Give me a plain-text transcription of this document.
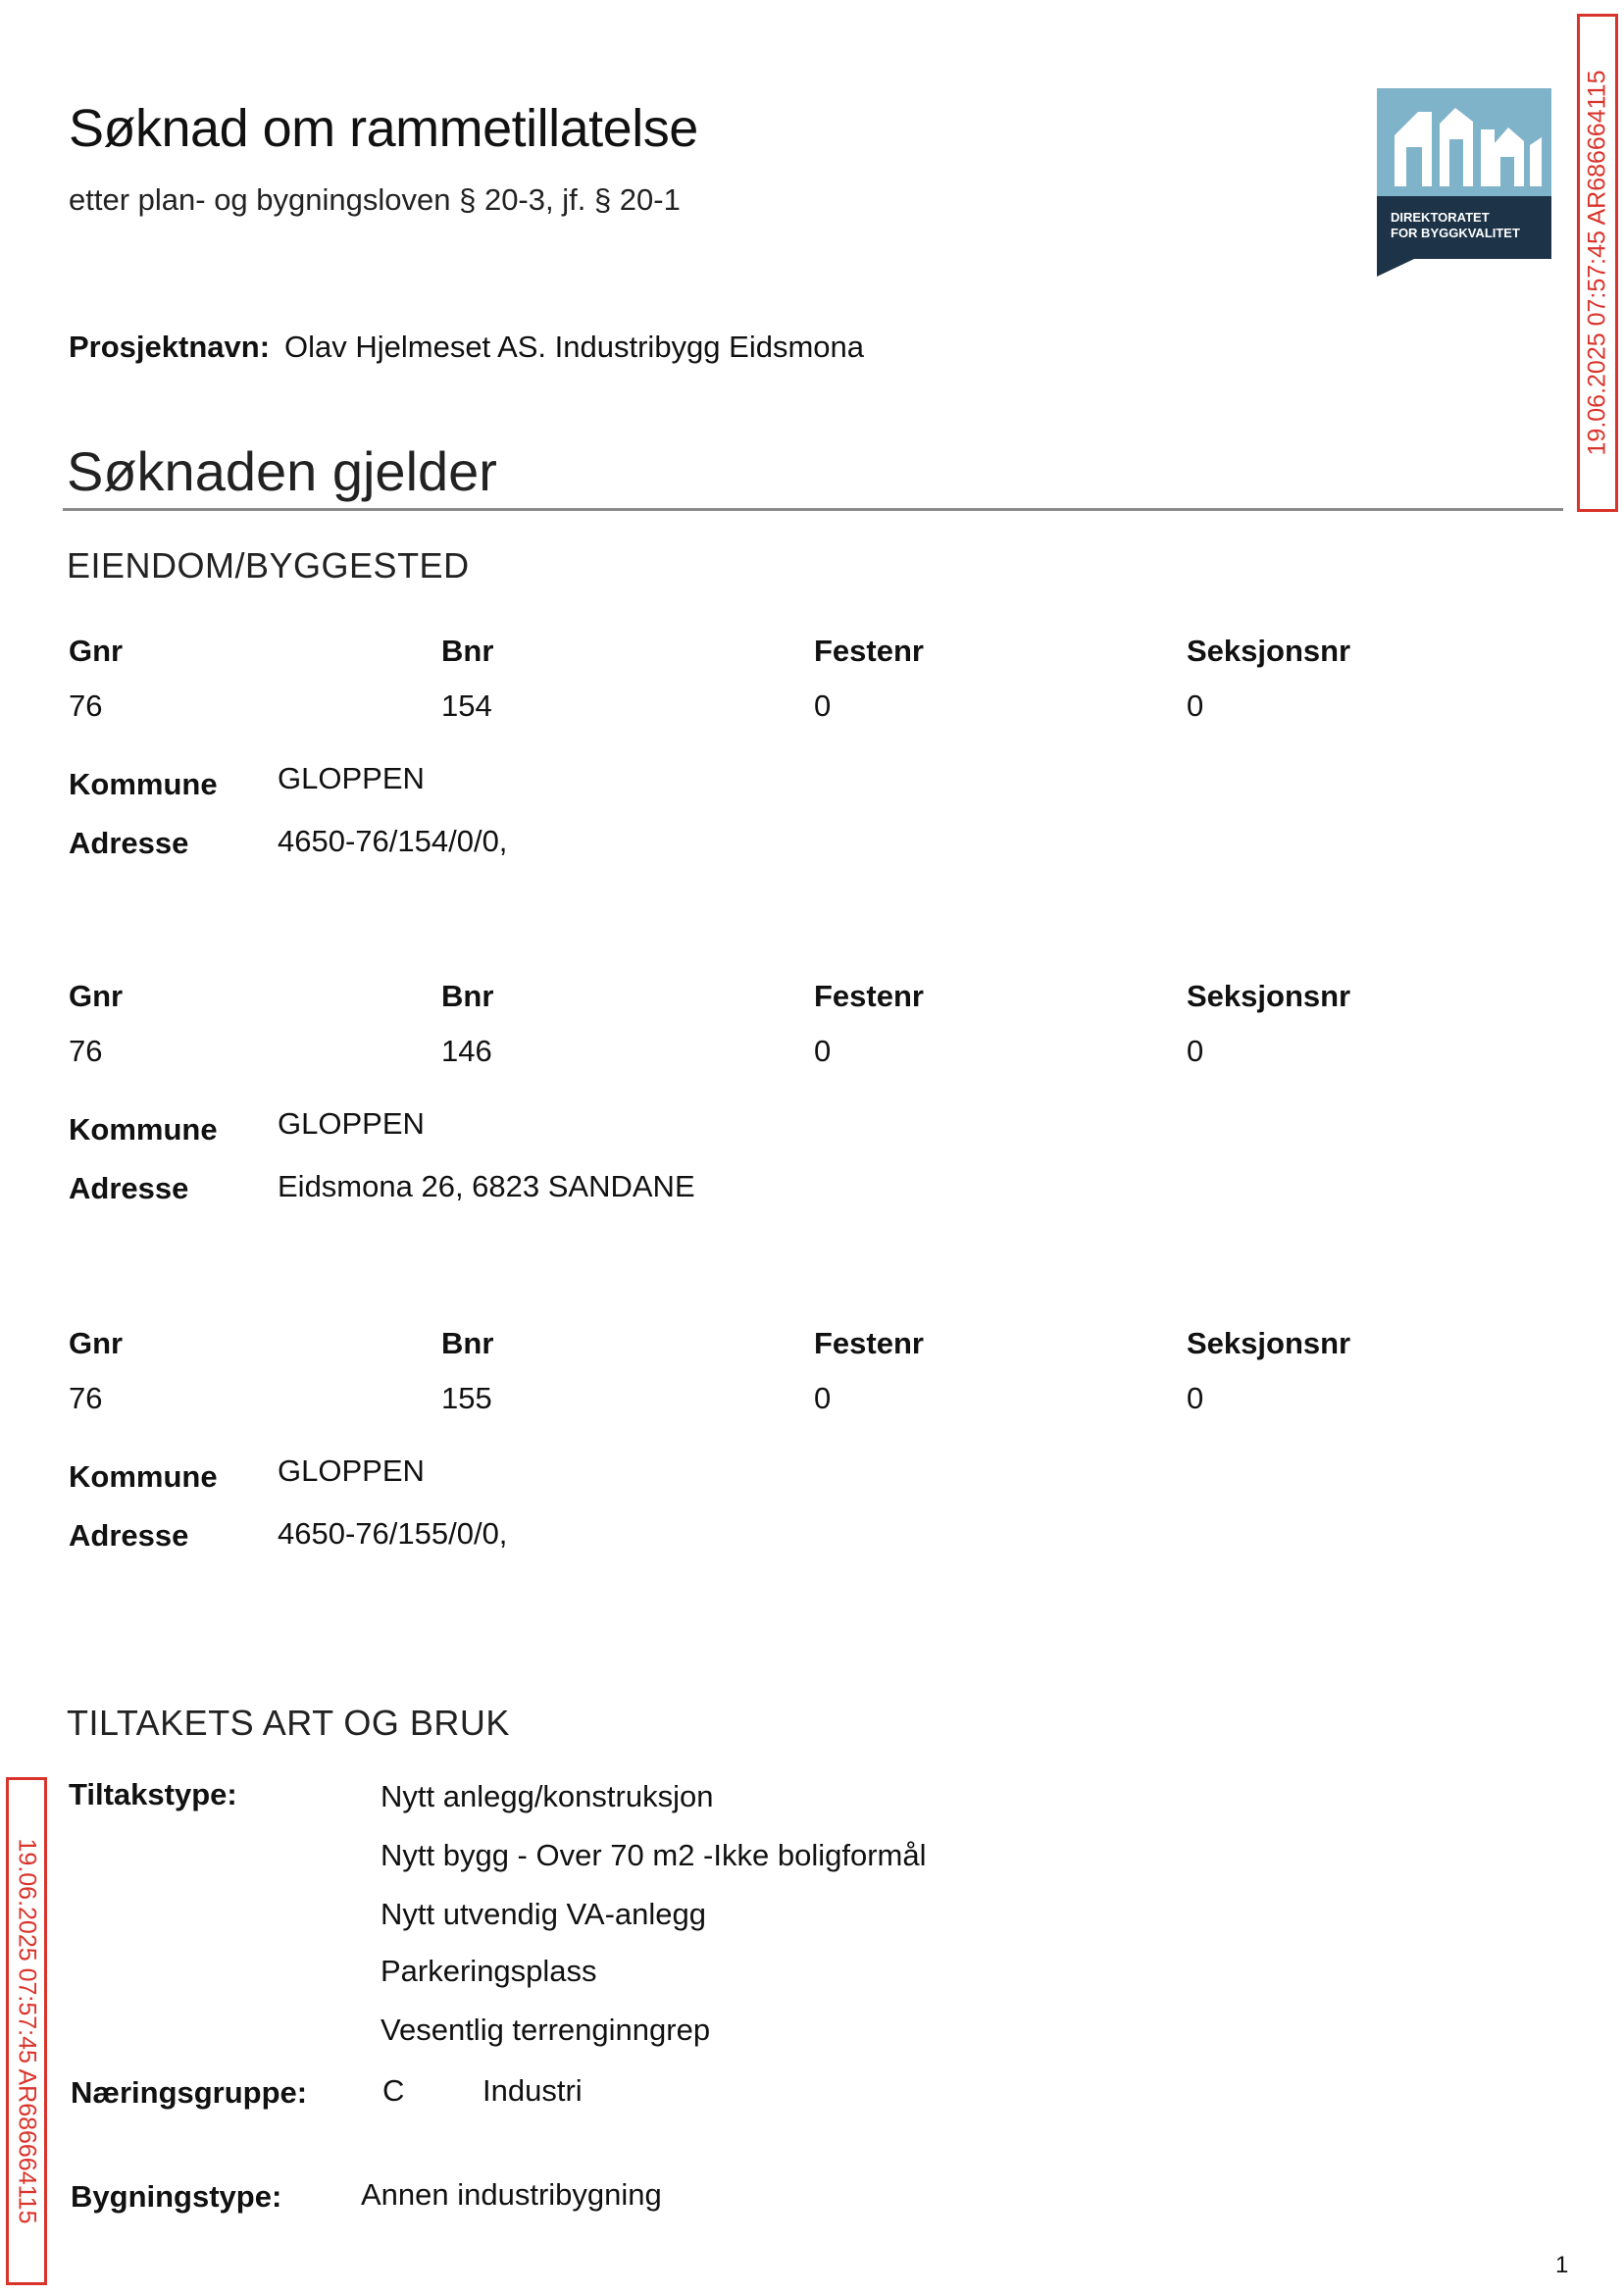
Søknad om rammetillatelse
etter plan- og bygningsloven § 20-3, jf. § 20-1
DIREKTORATET
FOR BYGGKVALITET	19.06.2025 07:57:45 AR686664115
Prosjektnavn: Olav Hjelmeset AS. Industribygg Eidsmona
Søknaden gjelder
EIENDOM/BYGGESTED
Gnr	Bnr	Festenr	Seksjonsnr
76	154	0	0
Kommune GLOPPEN
Adresse	4650-76/154/0/0,
Gnr	Bnr	Festenr	Seksjonsnr
76	146	0	0
Kommune GLOPPEN
Adresse	Eidsmona 26, 6823 SANDANE
Gnr	Bnr	Festenr	Seksjonsnr
76	155	0	0
Kommune GLOPPEN
Adresse	4650-76/155/0/0,
TILTAKETS ART OG BRUK
Tiltakstype:	Nytt anlegg/konstruksjon
Nytt bygg - Over 70 m2 -Ikke boligformål
Nytt utvendig VA-anlegg
Parkeringsplass
Vesentlig terrenginngrep
Næringsgruppe: C	Industri
Bygningstype:	Annen industribygning
19.06.2025 07:57:45 AR686664115
1
